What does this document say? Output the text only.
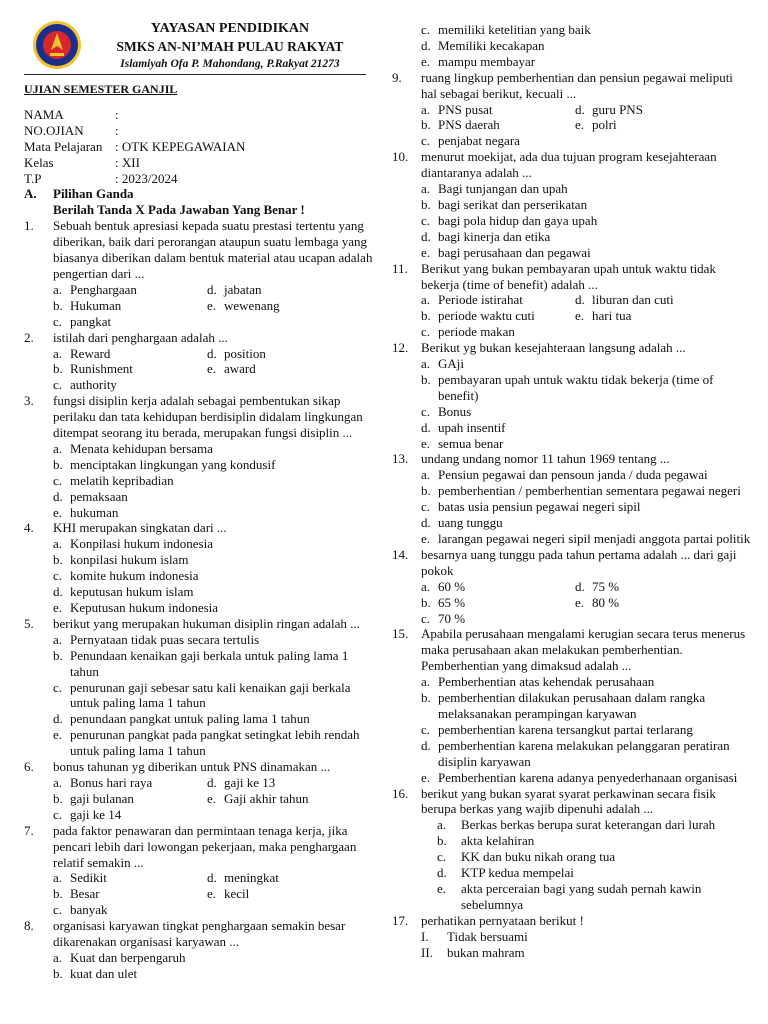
YAYASAN PENDIDIKAN
SMKS AN-NI’MAH PULAU RAKYAT
Islamiyah Ofa P. Mahondang, P.Rakyat 21273
UJIAN SEMESTER GANJIL
NAMA	:
NO.OJIAN	:
Mata Pelajaran : OTK KEPEGAWAIAN
Kelas	: XII
T.P	: 2023/2024
A.	Pilihan Ganda
Berilah Tanda X Pada Jawaban Yang Benar !
1.	Sebuah bentuk apresiasi kepada suatu prestasi tertentu yang diberikan, baik dari perorangan ataupun suatu lembaga yang biasanya diberikan dalam bentuk material atau ucapan adalah pengertian dari ...
a. Penghargaan	d. jabatan
b. Hukuman	e. wewenang
c. pangkat
2.	istilah dari penghargaan adalah ...
a. Reward	d. position
b. Runishment	e. award
c. authority
3.	fungsi disiplin kerja adalah sebagai pembentukan sikap perilaku dan tata kehidupan berdisiplin didalam lingkungan ditempat seorang itu berada, merupakan fungsi disiplin ...
a. Menata kehidupan bersama
b. menciptakan lingkungan yang kondusif
c. melatih kepribadian
d. pemaksaan
e. hukuman
4.	KHI merupakan singkatan dari ...
a. Konpilasi hukum indonesia
b. konpilasi hukum islam
c. komite hukum indonesia
d. keputusan hukum islam
e. Keputusan hukum indonesia
5.	berikut yang merupakan hukuman disiplin ringan adalah ...
a. Pernyataan tidak puas secara tertulis
b. Penundaan kenaikan gaji berkala untuk paling lama 1 tahun
c. penurunan gaji sebesar satu kali kenaikan gaji berkala untuk paling lama 1 tahun
d. penundaan pangkat untuk paling lama 1 tahun
e. penurunan pangkat pada pangkat setingkat lebih rendah untuk paling lama 1 tahun
6.	bonus tahunan yg diberikan untuk PNS dinamakan ...
a. Bonus hari raya	d. gaji ke 13
b. gaji bulanan	e. Gaji akhir tahun
c. gaji ke 14
7.	pada faktor penawaran dan permintaan tenaga kerja, jika pencari lebih dari lowongan pekerjaan, maka penghargaan relatif semakin ...
a. Sedikit	d. meningkat
b. Besar	e. kecil
c. banyak
8.	organisasi karyawan tingkat penghargaan semakin besar dikarenakan organisasi karyawan ...
a. Kuat dan berpengaruh
b. kuat dan ulet
c. memiliki ketelitian yang baik
d. Memiliki kecakapan
e. mampu membayar
9.	ruang lingkup pemberhentian dan pensiun pegawai meliputi hal sebagai berikut, kecuali ...
a. PNS pusat	d. guru PNS
b. PNS daerah	e. polri
c. penjabat negara
10. menurut moekijat, ada dua tujuan program kesejahteraan diantaranya adalah ...
a. Bagi tunjangan dan upah
b. bagi serikat dan perserikatan
c. bagi pola hidup dan gaya upah
d. bagi kinerja dan etika
e. bagi perusahaan dan pegawai
11.	Berikut yang bukan pembayaran upah untuk waktu tidak bekerja (time of benefit) adalah ...
a. Periode istirahat	d. liburan dan cuti
b. periode waktu cuti	e. hari tua
c. periode makan
12. Berikut yg bukan kesejahteraan langsung adalah ...
a. GAji
b. pembayaran upah untuk waktu tidak bekerja (time of benefit)
c. Bonus
d. upah insentif
e. semua benar
13. undang undang nomor 11 tahun 1969 tentang ...
a. Pensiun pegawai dan pensoun janda / duda pegawai
b. pemberhentian / pemberhentian sementara pegawai negeri
c. batas usia pensiun pegawai negeri sipil
d. uang tunggu
e. larangan pegawai negeri sipil menjadi anggota partai politik
14. besarnya uang tunggu pada tahun pertama adalah ... dari gaji pokok
a. 60 %	d. 75 %
b. 65 %	e. 80 %
c. 70 %
15. Apabila perusahaan mengalami kerugian secara terus menerus maka perusahaan akan melakukan pemberhentian. Pemberhentian yang dimaksud adalah ...
a. Pemberhentian atas kehendak perusahaan
b. pemberhentian dilakukan perusahaan dalam rangka melaksanakan perampingan karyawan
c. pemberhentian karena tersangkut partai terlarang
d. pemberhentian karena melakukan pelanggaran peratiran disiplin karyawan
e. Pemberhentian karena adanya penyederhanaan organisasi
16. berikut yang bukan syarat syarat perkawinan secara fisik berupa berkas yang wajib dipenuhi adalah ...
a.	Berkas berkas berupa surat keterangan dari lurah
b.	akta kelahiran
c.	KK dan buku nikah orang tua
d.	KTP kedua mempelai
e.	akta perceraian bagi yang sudah pernah kawin sebelumnya
17. perhatikan pernyataan berikut !
I.	Tidak bersuami
II.	bukan mahram
